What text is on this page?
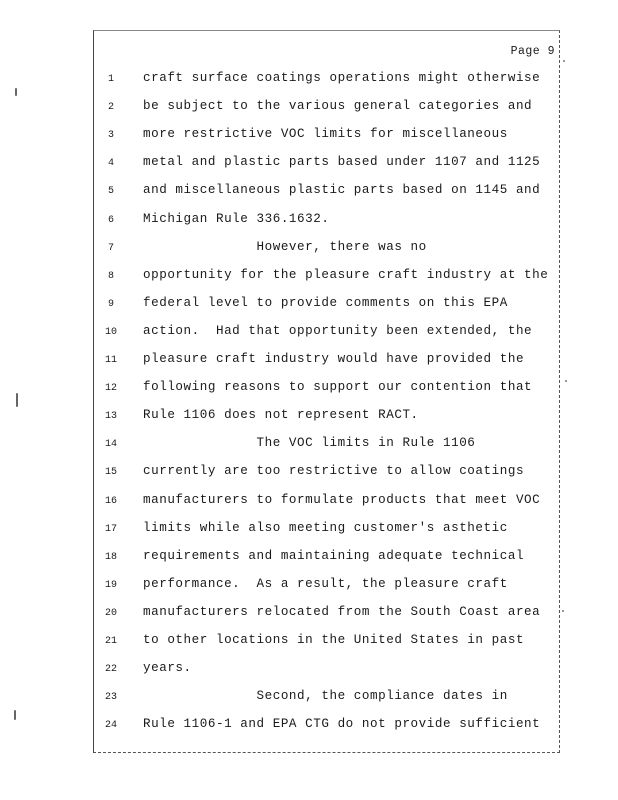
Page 9
1	craft surface coatings operations might otherwise
2	be subject to the various general categories and
3	more restrictive VOC limits for miscellaneous
4	metal and plastic parts based under 1107 and 1125
5	and miscellaneous plastic parts based on 1145 and
6	Michigan Rule 336.1632.
7	However, there was no
8	opportunity for the pleasure craft industry at the
9	federal level to provide comments on this EPA
10	action.  Had that opportunity been extended, the
11	pleasure craft industry would have provided the
12	following reasons to support our contention that
13	Rule 1106 does not represent RACT.
14	The VOC limits in Rule 1106
15	currently are too restrictive to allow coatings
16	manufacturers to formulate products that meet VOC
17	limits while also meeting customer's asthetic
18	requirements and maintaining adequate technical
19	performance.  As a result, the pleasure craft
20	manufacturers relocated from the South Coast area
21	to other locations in the United States in past
22	years.
23	Second, the compliance dates in
24	Rule 1106-1 and EPA CTG do not provide sufficient
